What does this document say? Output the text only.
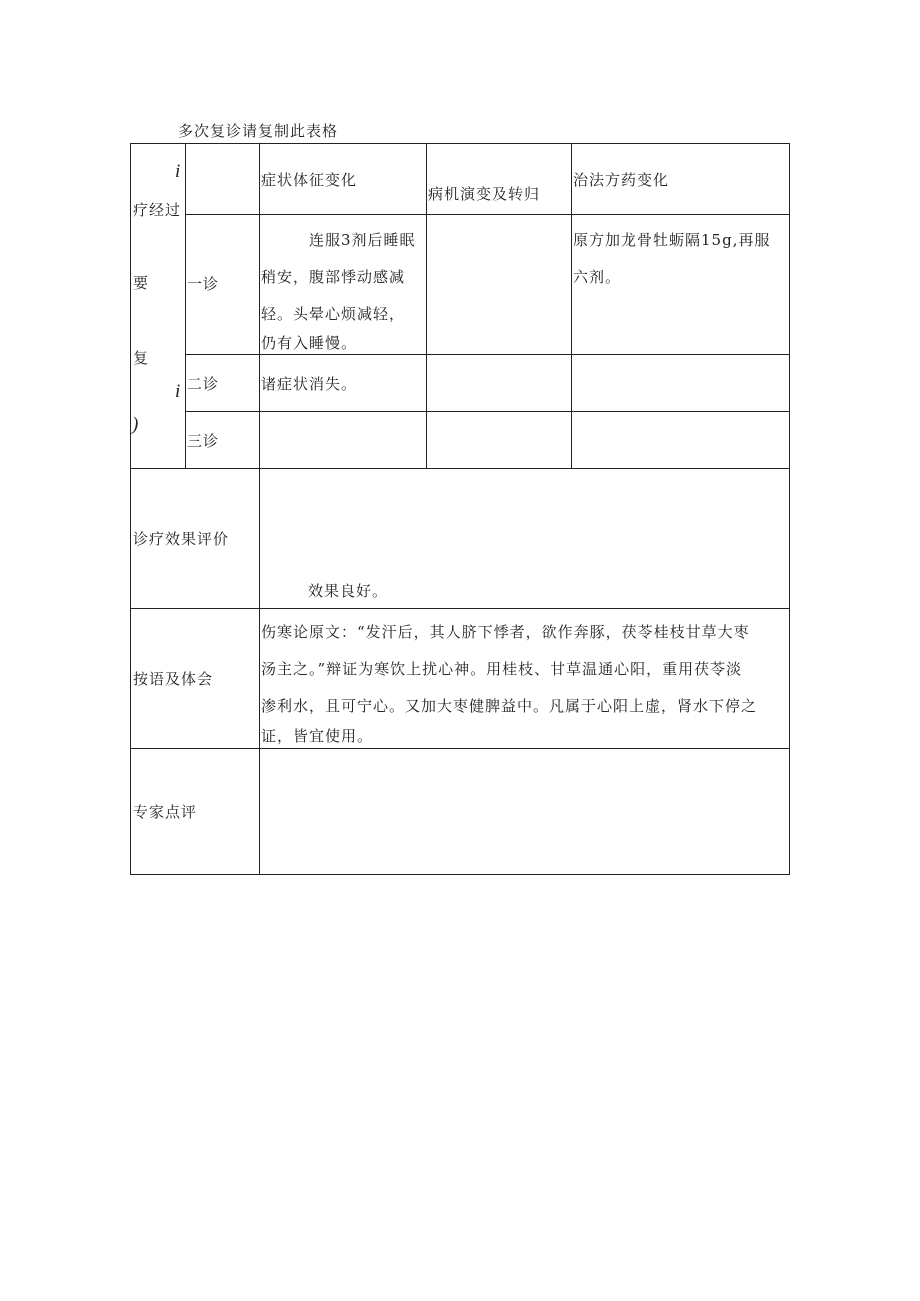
多次复诊请复制此表格
i
疗经过
要
复
i
)
症状体征变化
病机演变及转归
治法方药变化
一诊
连服3剂后睡眠
稍安，腹部悸动感减
轻。头晕心烦减轻，
仍有入睡慢。
原方加龙骨牡蛎隔15g,再服
六剂。
二诊	诸症状消失。
三诊
诊疗效果评价
效果良好。
按语及体会
伤寒论原文：“发汗后，其人脐下悸者，欲作奔豚，茯苓桂枝甘草大枣
汤主之。”辩证为寒饮上扰心神。用桂枝、甘草温通心阳，重用茯苓淡
渗利水，且可宁心。又加大枣健脾益中。凡属于心阳上虚，肾水下停之
证，皆宜使用。
专家点评
